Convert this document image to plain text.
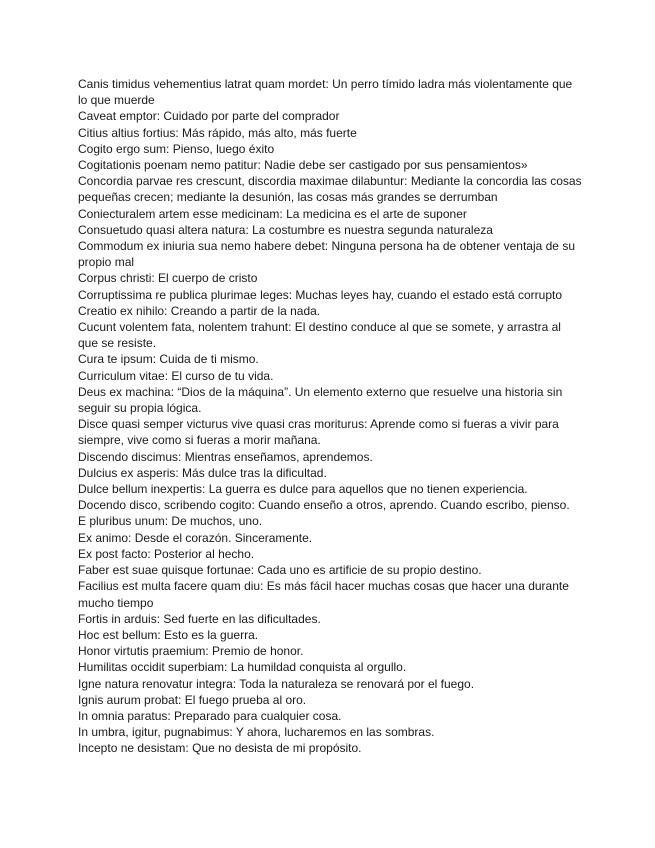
Canis timidus vehementius latrat quam mordet: Un perro tímido ladra más violentamente que lo que muerde

Caveat emptor: Cuidado por parte del comprador

Citius altius fortius: Más rápido, más alto, más fuerte

Cogito ergo sum: Pienso, luego éxito

Cogitationis poenam nemo patitur: Nadie debe ser castigado por sus pensamientos»

Concordia parvae res crescunt, discordia maximae dilabuntur: Mediante la concordia las cosas pequeñas crecen; mediante la desunión, las cosas más grandes se derrumban

Coniecturalem artem esse medicinam: La medicina es el arte de suponer

Consuetudo quasi altera natura: La costumbre es nuestra segunda naturaleza

Commodum ex iniuria sua nemo habere debet: Ninguna persona ha de obtener ventaja de su propio mal

Corpus christi: El cuerpo de cristo

Corruptissima re publica plurimae leges: Muchas leyes hay, cuando el estado está corrupto

Creatio ex nihilo: Creando a partir de la nada.

Cucunt volentem fata, nolentem trahunt: El destino conduce al que se somete, y arrastra al que se resiste.

Cura te ipsum: Cuida de ti mismo.

Curriculum vitae: El curso de tu vida.

Deus ex machina: “Dios de la máquina”. Un elemento externo que resuelve una historia sin seguir su propia lógica.

Disce quasi semper victurus vive quasi cras moriturus: Aprende como si fueras a vivir para siempre, vive como si fueras a morir mañana.

Discendo discimus: Mientras enseñamos, aprendemos.

Dulcius ex asperis: Más dulce tras la dificultad.

Dulce bellum inexpertis: La guerra es dulce para aquellos que no tienen experiencia.

Docendo disco, scribendo cogito: Cuando enseño a otros, aprendo. Cuando escribo, pienso.

E pluribus unum: De muchos, uno.

Ex animo: Desde el corazón. Sinceramente.

Ex post facto: Posterior al hecho.

Faber est suae quisque fortunae: Cada uno es artificie de su propio destino.

Facilius est multa facere quam diu: Es más fácil hacer muchas cosas que hacer una durante mucho tiempo

Fortis in arduis: Sed fuerte en las dificultades.

Hoc est bellum: Esto es la guerra.

Honor virtutis praemium: Premio de honor.

Humilitas occidit superbiam: La humildad conquista al orgullo.

Igne natura renovatur integra: Toda la naturaleza se renovará por el fuego.

Ignis aurum probat: El fuego prueba al oro.

In omnia paratus: Preparado para cualquier cosa.

In umbra, igitur, pugnabimus: Y ahora, lucharemos en las sombras.

Incepto ne desistam: Que no desista de mi propósito.
